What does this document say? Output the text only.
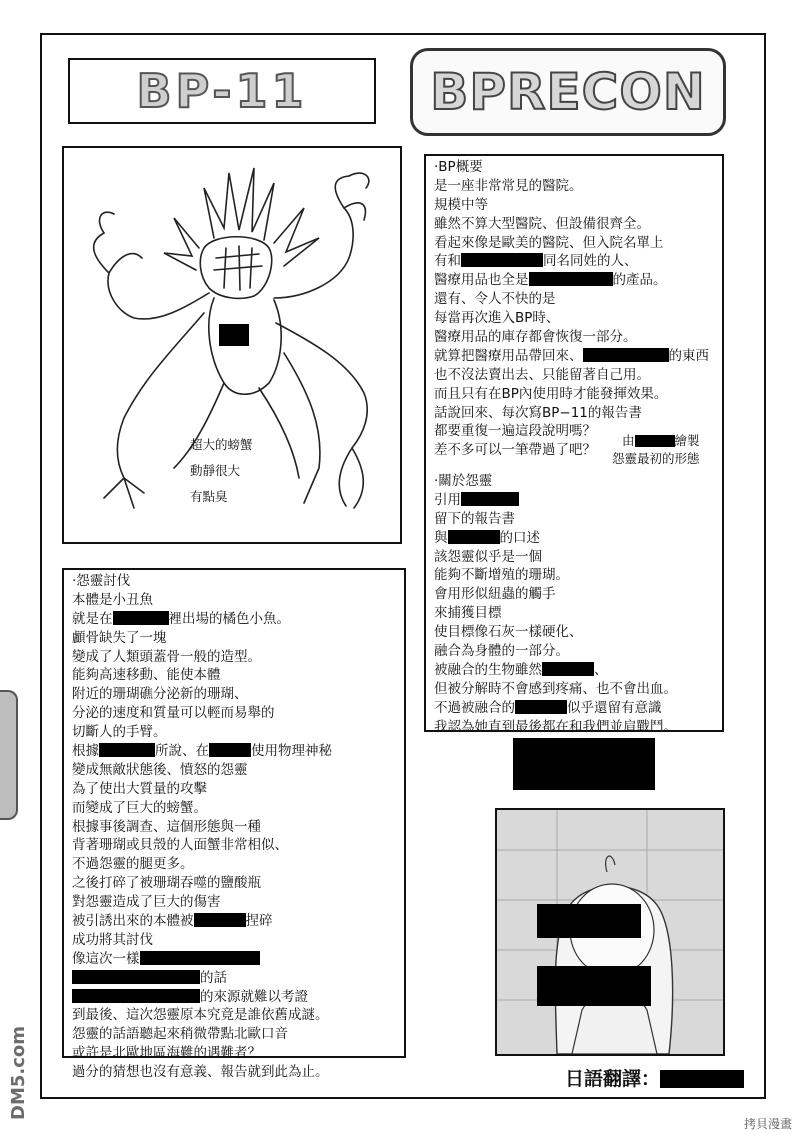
BP-11 BPRECON
超大的螃蟹
動靜很大
有點臭
·BP概要
是一座非常常見的醫院。
規模中等
雖然不算大型醫院、但設備很齊全。
看起來像是歐美的醫院、但入院名單上
有和	同名同姓的人、
醫療用品也全是	的產品。
還有、令人不快的是
每當再次進入BP時、
醫療用品的庫存都會恢復一部分。
就算把醫療用品帶回來、	的東西
也不沒法賣出去、只能留著自己用。
而且只有在BP內使用時才能發揮效果。
話說回來、每次寫BP−11的報告書
都要重復一遍這段說明嗎？
差不多可以一筆帶過了吧？
由	繪製
怨靈最初的形態
·關於怨靈
引用
留下的報告書
與	的口述
該怨靈似乎是一個
能夠不斷增殖的珊瑚。
會用形似紐蟲的觸手
來捕獲目標
使目標像石灰一樣硬化、
融合為身體的一部分。
被融合的生物雖然	、
但被分解時不會感到疼痛、也不會出血。
不過被融合的	似乎還留有意識
我認為她直到最後都在和我們並肩戰鬥。
·怨靈討伐
本體是小丑魚
就是在	裡出場的橘色小魚。
顱骨缺失了一塊
變成了人類頭蓋骨一般的造型。
能夠高速移動、能使本體
附近的珊瑚礁分泌新的珊瑚、
分泌的速度和質量可以輕而易舉的
切斷人的手臂。
根據	所說、在	使用物理神秘
變成無敵狀態後、憤怒的怨靈
為了使出大質量的攻擊
而變成了巨大的螃蟹。
根據事後調查、這個形態與一種
背著珊瑚或貝殼的人面蟹非常相似、
不過怨靈的腿更多。
之後打碎了被珊瑚吞噬的鹽酸瓶
對怨靈造成了巨大的傷害
被引誘出來的本體被	捏碎
成功將其討伐
像這次一樣
的話
的來源就難以考證
到最後、這次怨靈原本究竟是誰依舊成謎。
怨靈的話語聽起來稍微帶點北歐口音
或許是北歐地區海難的遇難者？
過分的猜想也沒有意義、報告就到此為止。	日語翻譯：
DM5.com
拷貝漫畫
